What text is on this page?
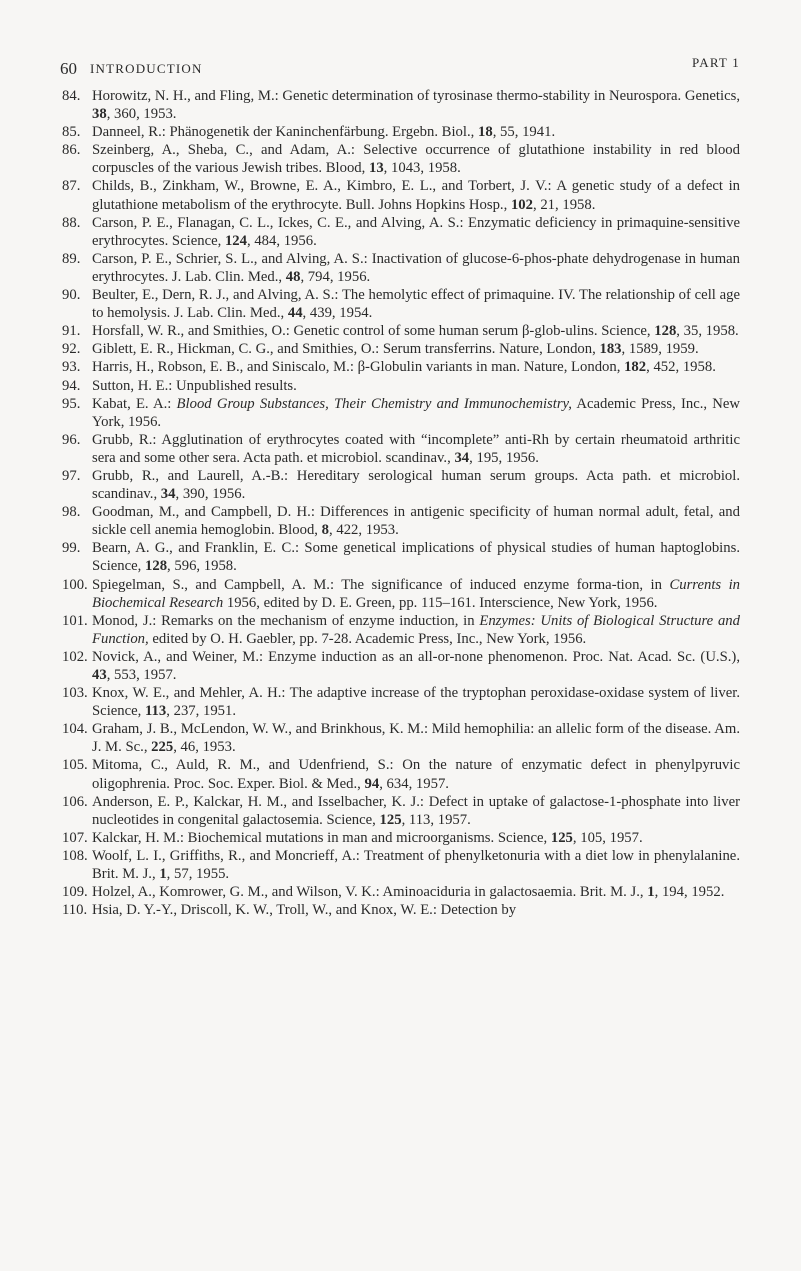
60 INTRODUCTION	PART 1
84. Horowitz, N. H., and Fling, M.: Genetic determination of tyrosinase thermo-stability in Neurospora. Genetics, 38, 360, 1953.
85. Danneel, R.: Phänogenetik der Kaninchenfärbung. Ergebn. Biol., 18, 55, 1941.
86. Szeinberg, A., Sheba, C., and Adam, A.: Selective occurrence of glutathione instability in red blood corpuscles of the various Jewish tribes. Blood, 13, 1043, 1958.
87. Childs, B., Zinkham, W., Browne, E. A., Kimbro, E. L., and Torbert, J. V.: A genetic study of a defect in glutathione metabolism of the erythrocyte. Bull. Johns Hopkins Hosp., 102, 21, 1958.
88. Carson, P. E., Flanagan, C. L., Ickes, C. E., and Alving, A. S.: Enzymatic deficiency in primaquine-sensitive erythrocytes. Science, 124, 484, 1956.
89. Carson, P. E., Schrier, S. L., and Alving, A. S.: Inactivation of glucose-6-phos-phate dehydrogenase in human erythrocytes. J. Lab. Clin. Med., 48, 794, 1956.
90. Beulter, E., Dern, R. J., and Alving, A. S.: The hemolytic effect of primaquine. IV. The relationship of cell age to hemolysis. J. Lab. Clin. Med., 44, 439, 1954.
91. Horsfall, W. R., and Smithies, O.: Genetic control of some human serum β-glob-ulins. Science, 128, 35, 1958.
92. Giblett, E. R., Hickman, C. G., and Smithies, O.: Serum transferrins. Nature, London, 183, 1589, 1959.
93. Harris, H., Robson, E. B., and Siniscalo, M.: β-Globulin variants in man. Nature, London, 182, 452, 1958.
94. Sutton, H. E.: Unpublished results.
95. Kabat, E. A.: Blood Group Substances, Their Chemistry and Immunochemistry, Academic Press, Inc., New York, 1956.
96. Grubb, R.: Agglutination of erythrocytes coated with “incomplete” anti-Rh by certain rheumatoid arthritic sera and some other sera. Acta path. et microbiol. scandinav., 34, 195, 1956.
97. Grubb, R., and Laurell, A.-B.: Hereditary serological human serum groups. Acta path. et microbiol. scandinav., 34, 390, 1956.
98. Goodman, M., and Campbell, D. H.: Differences in antigenic specificity of human normal adult, fetal, and sickle cell anemia hemoglobin. Blood, 8, 422, 1953.
99. Bearn, A. G., and Franklin, E. C.: Some genetical implications of physical studies of human haptoglobins. Science, 128, 596, 1958.
100. Spiegelman, S., and Campbell, A. M.: The significance of induced enzyme forma-tion, in Currents in Biochemical Research 1956, edited by D. E. Green, pp. 115–161. Interscience, New York, 1956.
101. Monod, J.: Remarks on the mechanism of enzyme induction, in Enzymes: Units of Biological Structure and Function, edited by O. H. Gaebler, pp. 7-28. Academic Press, Inc., New York, 1956.
102. Novick, A., and Weiner, M.: Enzyme induction as an all-or-none phenomenon. Proc. Nat. Acad. Sc. (U.S.), 43, 553, 1957.
103. Knox, W. E., and Mehler, A. H.: The adaptive increase of the tryptophan peroxidase-oxidase system of liver. Science, 113, 237, 1951.
104. Graham, J. B., McLendon, W. W., and Brinkhous, K. M.: Mild hemophilia: an allelic form of the disease. Am. J. M. Sc., 225, 46, 1953.
105. Mitoma, C., Auld, R. M., and Udenfriend, S.: On the nature of enzymatic defect in phenylpyruvic oligophrenia. Proc. Soc. Exper. Biol. & Med., 94, 634, 1957.
106. Anderson, E. P., Kalckar, H. M., and Isselbacher, K. J.: Defect in uptake of galactose-1-phosphate into liver nucleotides in congenital galactosemia. Science, 125, 113, 1957.
107. Kalckar, H. M.: Biochemical mutations in man and microorganisms. Science, 125, 105, 1957.
108. Woolf, L. I., Griffiths, R., and Moncrieff, A.: Treatment of phenylketonuria with a diet low in phenylalanine. Brit. M. J., 1, 57, 1955.
109. Holzel, A., Komrower, G. M., and Wilson, V. K.: Aminoaciduria in galactosaemia. Brit. M. J., 1, 194, 1952.
110. Hsia, D. Y.-Y., Driscoll, K. W., Troll, W., and Knox, W. E.: Detection by
